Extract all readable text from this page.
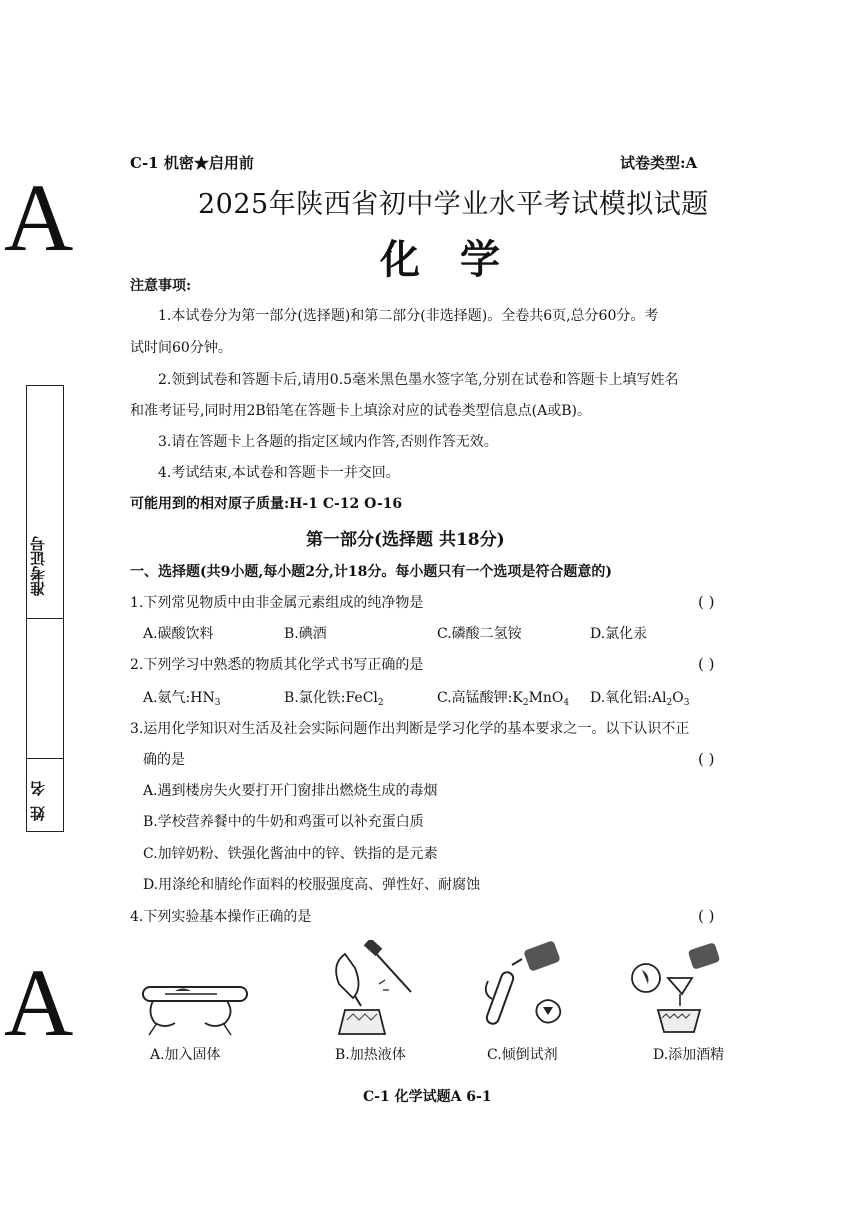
A
A
准考证号
姓名
C-1 机密★启用前	试卷类型:A
2025年陕西省初中学业水平考试模拟试题
化学
注意事项:
1.本试卷分为第一部分(选择题)和第二部分(非选择题)。全卷共6页,总分60分。考
试时间60分钟。
2.领到试卷和答题卡后,请用0.5毫米黑色墨水签字笔,分别在试卷和答题卡上填写姓名
和准考证号,同时用2B铅笔在答题卡上填涂对应的试卷类型信息点(A或B)。
3.请在答题卡上各题的指定区域内作答,否则作答无效。
4.考试结束,本试卷和答题卡一并交回。
可能用到的相对原子质量:H-1 C-12 O-16
第一部分(选择题 共18分)
一、选择题(共9小题,每小题2分,计18分。每小题只有一个选项是符合题意的)
1.下列常见物质中由非金属元素组成的纯净物是	( )
A.碳酸饮料	B.碘酒	C.磷酸二氢铵	D.氯化汞
2.下列学习中熟悉的物质其化学式书写正确的是	( )
A.氨气$:HN_3$	B.氯化铁:FeCl$_2$	C.高锰酸钾$:K_2MnO_4$ D.氧化铝$:Al_2O_3$
3.运用化学知识对生活及社会实际问题作出判断是学习化学的基本要求之一。以下认识不正
确的是	( )
A.遇到楼房失火要打开门窗排出燃烧生成的毒烟
B.学校营养餐中的牛奶和鸡蛋可以补充蛋白质
C.加锌奶粉、铁强化酱油中的锌、铁指的是元素
D.用涤纶和腈纶作面料的校服强度高、弹性好、耐腐蚀
4.下列实验基本操作正确的是	( )
A.加入固体	B.加热液体	C.倾倒试剂	D.添加酒精
C-1 化学试题A 6-1
